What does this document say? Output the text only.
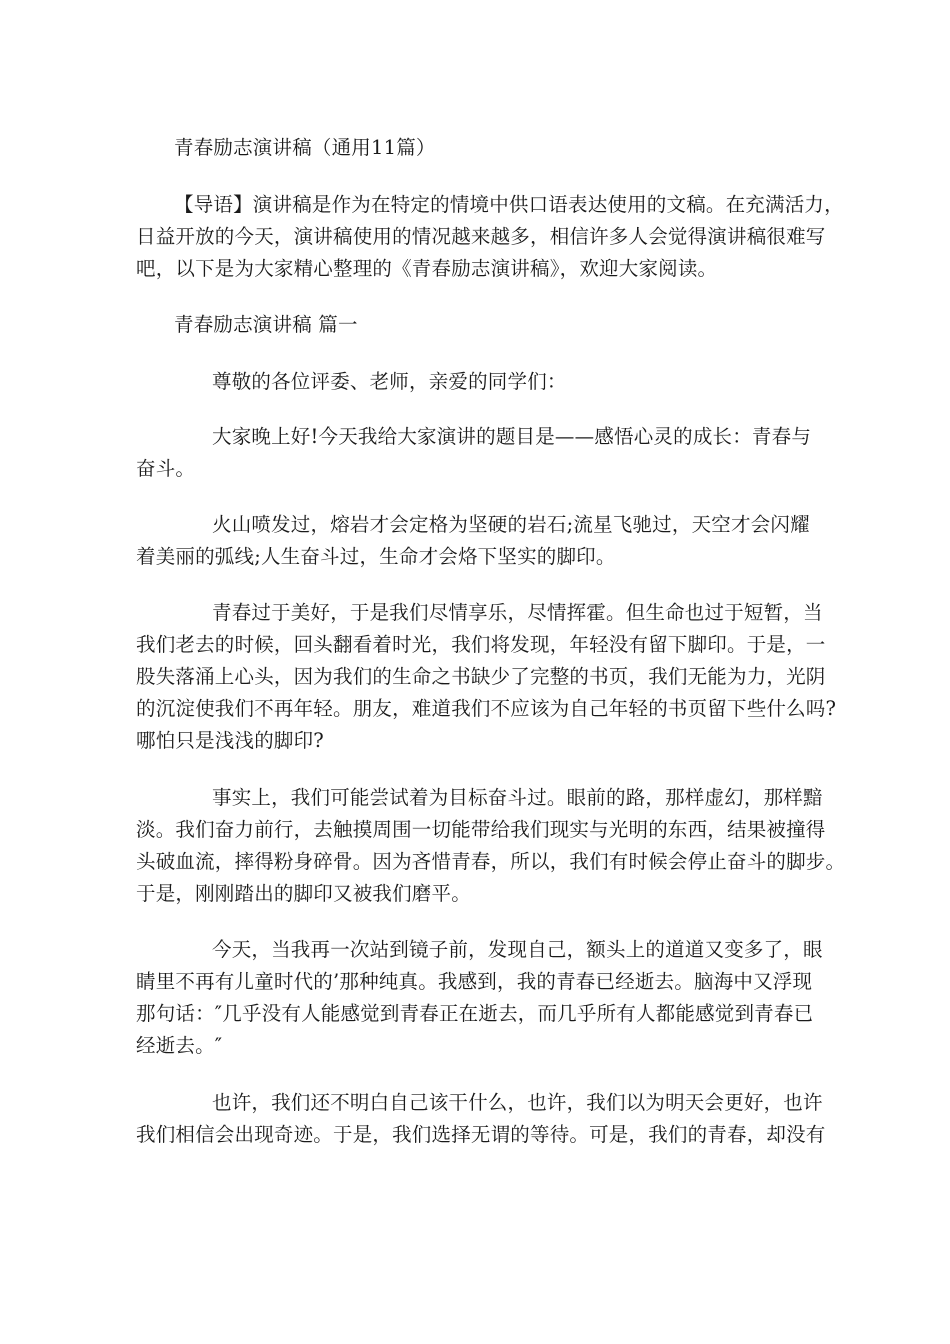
青春励志演讲稿（通用11篇）
【导语】演讲稿是作为在特定的情境中供口语表达使用的文稿。在充满活力，
日益开放的今天，演讲稿使用的情况越来越多，相信许多人会觉得演讲稿很难写
吧，以下是为大家精心整理的《青春励志演讲稿》，欢迎大家阅读。
青春励志演讲稿 篇一
尊敬的各位评委、老师，亲爱的同学们：
大家晚上好!今天我给大家演讲的题目是——感悟心灵的成长：青春与
奋斗。
火山喷发过，熔岩才会定格为坚硬的岩石;流星飞驰过，天空才会闪耀
着美丽的弧线;人生奋斗过，生命才会烙下坚实的脚印。
青春过于美好，于是我们尽情享乐，尽情挥霍。但生命也过于短暂，当
我们老去的时候，回头翻看着时光，我们将发现，年轻没有留下脚印。于是，一
股失落涌上心头，因为我们的生命之书缺少了完整的书页，我们无能为力，光阴
的沉淀使我们不再年轻。朋友，难道我们不应该为自己年轻的书页留下些什么吗?
哪怕只是浅浅的脚印?
事实上，我们可能尝试着为目标奋斗过。眼前的路，那样虚幻，那样黯
淡。我们奋力前行，去触摸周围一切能带给我们现实与光明的东西，结果被撞得
头破血流，摔得粉身碎骨。因为吝惜青春，所以，我们有时候会停止奋斗的脚步。
于是，刚刚踏出的脚印又被我们磨平。
今天，当我再一次站到镜子前，发现自己，额头上的道道又变多了，眼
睛里不再有儿童时代的’那种纯真。我感到，我的青春已经逝去。脑海中又浮现
那句话：″几乎没有人能感觉到青春正在逝去，而几乎所有人都能感觉到青春已
经逝去。″
也许，我们还不明白自己该干什么，也许，我们以为明天会更好，也许
我们相信会出现奇迹。于是，我们选择无谓的等待。可是，我们的青春，却没有
